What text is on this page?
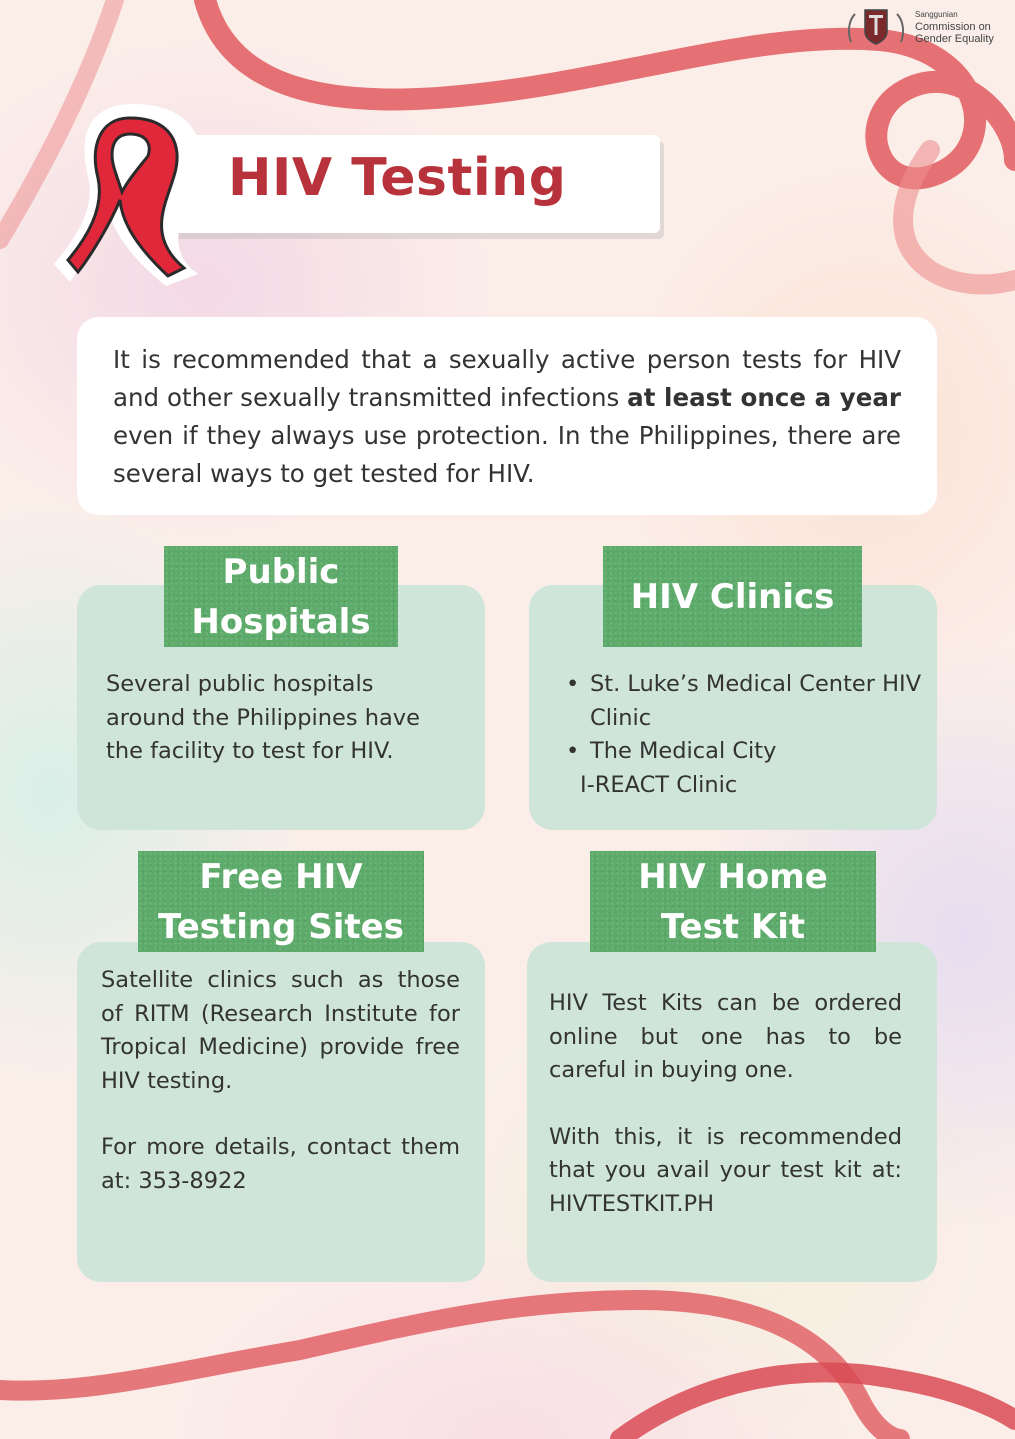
Sanggunian
Commission on
Gender Equality
HIV Testing

It is recommended that a sexually active person tests for HIV and other sexually transmitted infections at least once a year even if they always use protection. In the Philippines, there are several ways to get tested for HIV.

Public
Hospitals

Several public hospitals around the Philippines have the facility to test for HIV.

HIV Clinics
• St. Luke’s Medical Center HIV Clinic
• The Medical City
I-REACT Clinic
Free HIV
Testing Sites

Satellite clinics such as those of RITM (Research Institute for Tropical Medicine) provide free HIV testing.

For more details, contact them at: 353-8922

HIV Home
Test Kit

HIV Test Kits can be ordered online but one has to be careful in buying one.

With this, it is recommended that you avail your test kit at: HIVTESTKIT.PH
